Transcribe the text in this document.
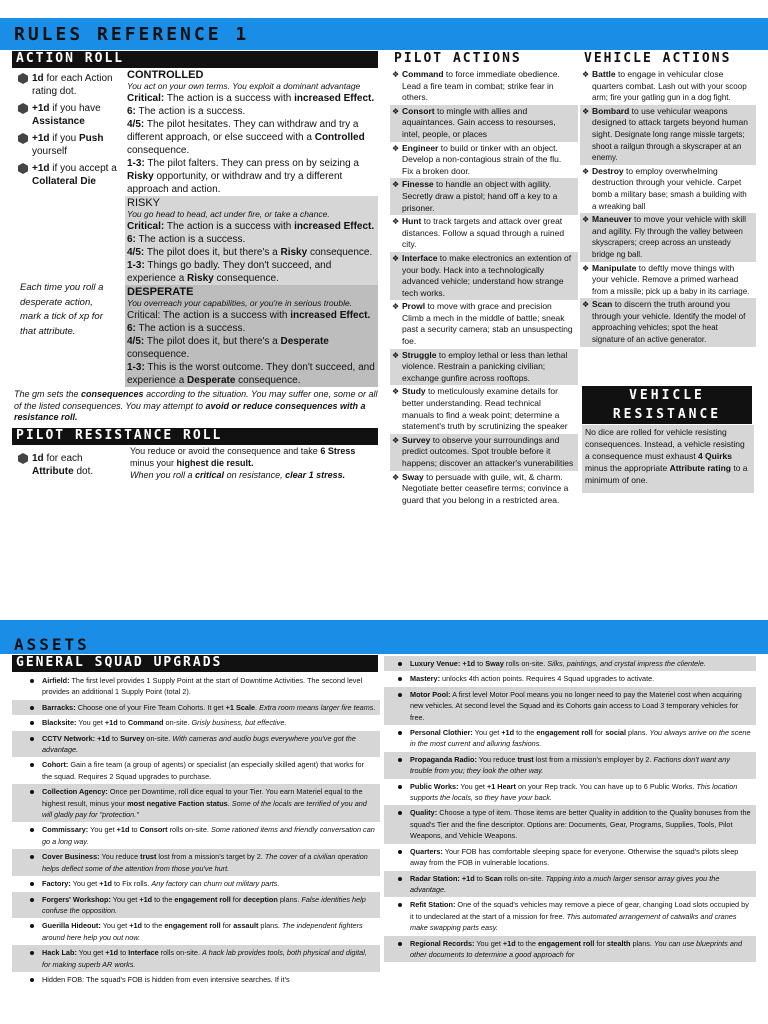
RULES REFERENCE 1
ACTION ROLL
1d for each Action rating dot.
+1d if you have Assistance
+1d if you Push yourself
+1d if you accept a Collateral Die
Each time you roll a desperate action, mark a tick of xp for that attribute.
CONTROLLED
You act on your own terms. You exploit a dominant advantage
Critical: The action is a success with increased Effect.
6: The action is a success.
4/5: The pilot hesitates. They can withdraw and try a different approach, or else succeed with a Controlled consequence.
1-3: The pilot falters. They can press on by seizing a Risky opportunity, or withdraw and try a different approach and action.
RISKY
You go head to head, act under fire, or take a chance.
Critical: The action is a success with increased Effect.
6: The action is a success.
4/5: The pilot does it, but there's a Risky consequence.
1-3: Things go badly. They don't succeed, and experience a Risky consequence.
DESPERATE
You overreach your capabilities, or you're in serious trouble.
Critical: The action is a success with increased Effect.
6: The action is a success.
4/5: The pilot does it, but there's a Desperate consequence.
1-3: This is the worst outcome. They don't succeed, and experience a Desperate consequence.
The gm sets the consequences according to the situation. You may suffer one, some or all of the listed consequences. You may attempt to avoid or reduce consequences with a resistance roll.
PILOT RESISTANCE ROLL
1d for each Attribute dot.
You reduce or avoid the consequence and take 6 Stress
minus your highest die result.
When you roll a critical on resistance, clear 1 stress.
PILOT ACTIONS
❖ Command to force immediate obedience. Lead a fire team in combat; strike fear in others.
❖ Consort to mingle with allies and aquaintances. Gain access to resourses, intel, people, or places
❖ Engineer to build or tinker with an object. Develop a non-contagious strain of the flu. Fix a broken door.
❖ Finesse to handle an object with agility. Secretly draw a pistol; hand off a key to a prisoner.
❖ Hunt to track targets and attack over great distances. Follow a squad through a ruined city.
❖ Interface to make electronics an extention of your body. Hack into a technologically advanced vehicle; understand how strange tech works.
❖ Prowl to move with grace and precision Climb a mech in the middle of battle; sneak past a security camera; stab an unsuspecting foe.
❖ Struggle to employ lethal or less than lethal violence. Restrain a panicking civilian; exchange gunfire across rooftops.
❖ Study to meticulously examine details for better understanding. Read technical manuals to find a weak point; determine a statement's truth by scrutinizing the speaker
❖ Survey to observe your surroundings and predict outcomes. Spot trouble before it happens; discover an attacker's vunerabilities
❖ Sway to persuade with guile, wit, & charm. Negotiate better ceasefire terms; convince a guard that you belong in a restricted area.
VEHICLE ACTIONS
❖ Battle to engage in vehicular close quarters combat. Lash out with your scoop arm; fire your gatling gun in a dog fight.
❖ Bombard to use vehicular weapons designed to attack targets beyond human sight. Designate long range missle targets; shoot a railgun through a skyscraper at an enemy.
❖ Destroy to employ overwhelming destruction through your vehicle. Carpet bomb a military base; smash a building with a wreaking ball
❖ Maneuver to move your vehicle with skill and agility. Fly through the valley between skyscrapers; creep across an unsteady bridge ng ball.
❖ Manipulate to deftly move things with your vehicle. Remove a primed warhead from a missile; pick up a baby in its carriage.
❖ Scan to discern the truth around you through your vehicle. Identify the model of approaching vehicles; spot the heat signature of an active generator.
VEHICLE
RESISTANCE
No dice are rolled for vehicle resisting consequences. Instead, a vehicle resisting a consequence must exhaust 4 Quirks minus the appropriate Attribute rating to a minimum of one.
ASSETS
GENERAL SQUAD UPGRADS
Airfield: The first level provides 1 Supply Point at the start of Downtime Activities. The second level provides an additional 1 Supply Point (total 2).
Barracks: Choose one of your Fire Team Cohorts. It get +1 Scale. Extra room means larger fire teams.
Blacksite: You get +1d to Command on-site. Grisly business, but effective.
CCTV Network: +1d to Survey on-site. With cameras and audio bugs everywhere you've got the advantage.
Cohort: Gain a fire team (a group of agents) or specialist (an especially skilled agent) that works for the squad. Requires 2 Squad upgrades to purchase.
Collection Agency: Once per Downtime, roll dice equal to your Tier. You earn Materiel equal to the highest result, minus your most negative Faction status. Some of the locals are terrified of you and will gladly pay for "protection."
Commissary: You get +1d to Consort rolls on-site. Some rationed items and friendly conversation can go a long way.
Cover Business: You reduce trust lost from a mission's target by 2. The cover of a civilian operation helps deflect some of the attention from those you've hurt.
Factory: You get +1d to Fix rolls. Any factory can churn out military parts.
Forgers' Workshop: You get +1d to the engagement roll for deception plans. False identities help confuse the opposition.
Guerilla Hideout: You get +1d to the engagement roll for assault plans. The independent fighters around here help you out now.
Hack Lab: You get +1d to Interface rolls on-site. A hack lab provides tools, both physical and digital, for making superb AR works.
Hidden FOB: The squad's FOB is hidden from even intensive searches. If it's
Luxury Venue: +1d to Sway rolls on-site. Silks, paintings, and crystal impress the clientele.
Mastery: unlocks 4th action points. Requires 4 Squad upgrades to activate.
Motor Pool: A first level Motor Pool means you no longer need to pay the Materiel cost when acquiring new vehicles. At second level the Squad and its Cohorts gain access to Load 3 temporary vehicles for free.
Personal Clothier: You get +1d to the engagement roll for social plans. You always arrive on the scene in the most current and alluring fashions.
Propaganda Radio: You reduce trust lost from a mission's employer by 2. Factions don't want any trouble from you; they look the other way.
Public Works: You get +1 Heart on your Rep track. You can have up to 6 Public Works. This location supports the locals, so they have your back.
Quality: Choose a type of item. Those items are better Quality in addition to the Quality bonuses from the squad's Tier and the fine descriptor. Options are: Documents, Gear, Programs, Supplies, Tools, Pilot Weapons, and Vehicle Weapons.
Quarters: Your FOB has comfortable sleeping space for everyone. Otherwise the squad's pilots sleep away from the FOB in vulnerable locations.
Radar Station: +1d to Scan rolls on-site. Tapping into a much larger sensor array gives you the advantage.
Refit Station: One of the squad's vehicles may remove a piece of gear, changing Load slots occupied by it to undeclared at the start of a mission for free. This automated arrangement of catwalks and cranes make swapping parts easy.
Regional Records: You get +1d to the engagement roll for stealth plans. You can use blueprints and other documents to determine a good approach for
